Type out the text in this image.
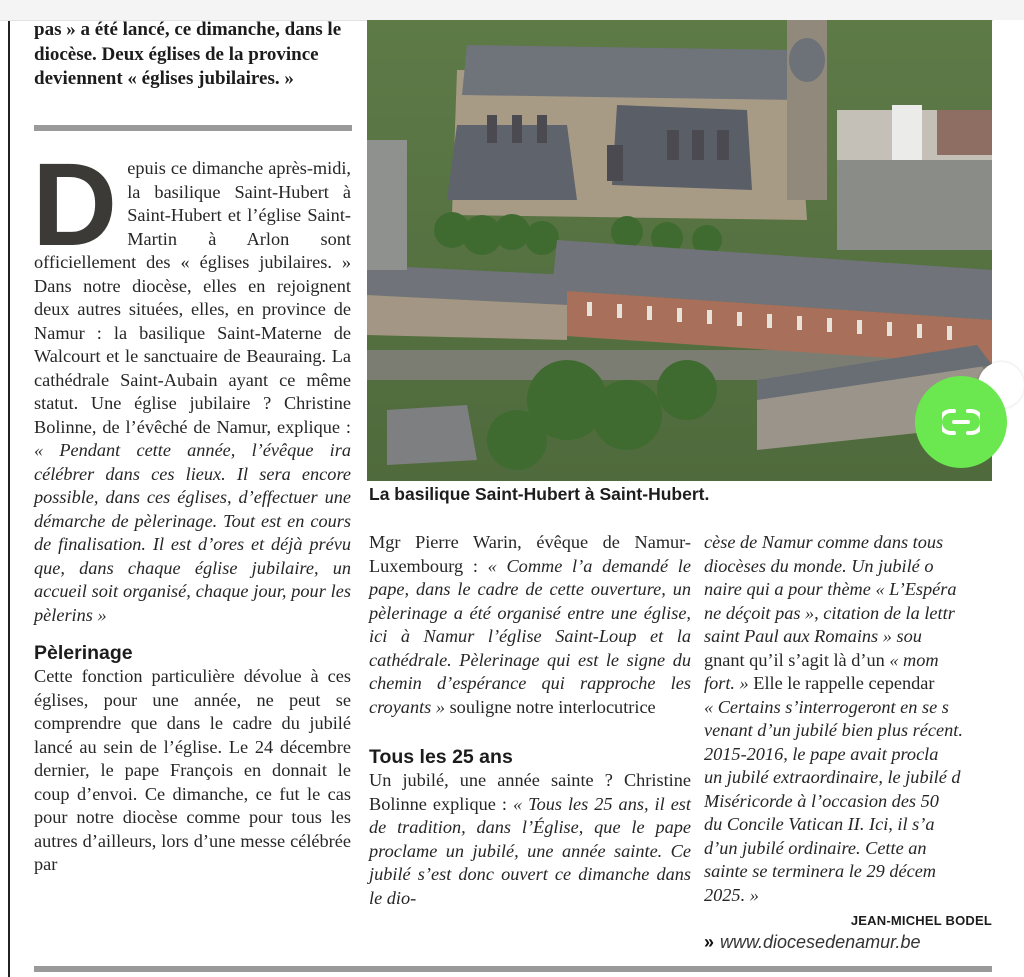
pas » a été lancé, ce dimanche, dans le diocèse. Deux églises de la province deviennent « églises jubilaires. »

Depuis ce dimanche après-midi, la basilique Saint-Hubert à Saint-Hubert et l’église Saint-Martin à Arlon sont officiellement des « églises jubilaires. » Dans notre diocèse, elles en rejoignent deux autres situées, elles, en province de Namur : la basilique Saint-Materne de Walcourt et le sanctuaire de Beauraing. La cathédrale Saint-Aubain ayant ce même statut. Une église jubilaire ? Christine Bolinne, de l’évêché de Namur, explique : « Pendant cette année, l’évêque ira célébrer dans ces lieux. Il sera encore possible, dans ces églises, d’effectuer une démarche de pèlerinage. Tout est en cours de finalisation. Il est d’ores et déjà prévu que, dans chaque église jubilaire, un accueil soit organisé, chaque jour, pour les pèlerins »

Pèlerinage

Cette fonction particulière dévolue à ces églises, pour une année, ne peut se comprendre que dans le cadre du jubilé lancé au sein de l’église. Le 24 décembre dernier, le pape François en donnait le coup d’envoi. Ce dimanche, ce fut le cas pour notre diocèse comme pour tous les autres d’ailleurs, lors d’une messe célébrée par

La basilique Saint-Hubert à Saint-Hubert.

Mgr Pierre Warin, évêque de Namur-Luxembourg : « Comme l’a demandé le pape, dans le cadre de cette ouverture, un pèlerinage a été organisé entre une église, ici à Namur l’église Saint-Loup et la cathédrale. Pèlerinage qui est le signe du chemin d’espérance qui rapproche les croyants » souligne notre interlocutrice

Tous les 25 ans

Un jubilé, une année sainte ? Christine Bolinne explique : « Tous les 25 ans, il est de tradition, dans l’Église, que le pape proclame un jubilé, une année sainte. Ce jubilé s’est donc ouvert ce dimanche dans le dio-

cèse de Namur comme dans tous
diocèses du monde. Un jubilé o
naire qui a pour thème « L’Espéra
ne déçoit pas », citation de la lettr
saint Paul aux Romains » sou
gnant qu’il s’agit là d’un « mom
fort. » Elle le rappelle cependar
« Certains s’interrogeront en se s
venant d’un jubilé bien plus récent.
2015-2016, le pape avait procla
un jubilé extraordinaire, le jubilé d
Miséricorde à l’occasion des 50
du Concile Vatican II. Ici, il s’a
d’un jubilé ordinaire. Cette an
sainte se terminera le 29 décem
2025. »
JEAN-MICHEL BODEL
» www.diocesedenamur.be
